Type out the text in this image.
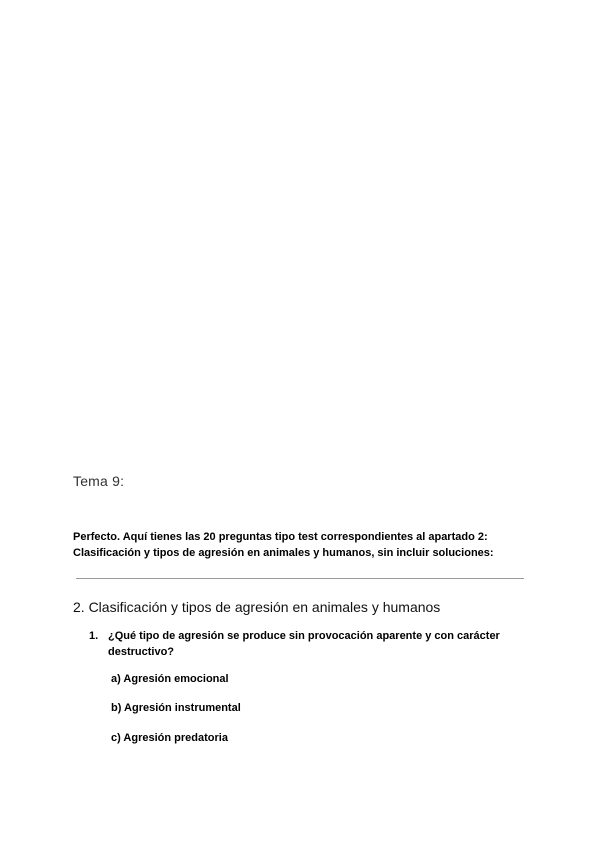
Tema 9:
Perfecto. Aquí tienes las 20 preguntas tipo test correspondientes al apartado 2:
Clasificación y tipos de agresión en animales y humanos, sin incluir soluciones:
2. Clasificación y tipos de agresión en animales y humanos
1. ¿Qué tipo de agresión se produce sin provocación aparente y con carácter destructivo?
a) Agresión emocional
b) Agresión instrumental
c) Agresión predatoria
